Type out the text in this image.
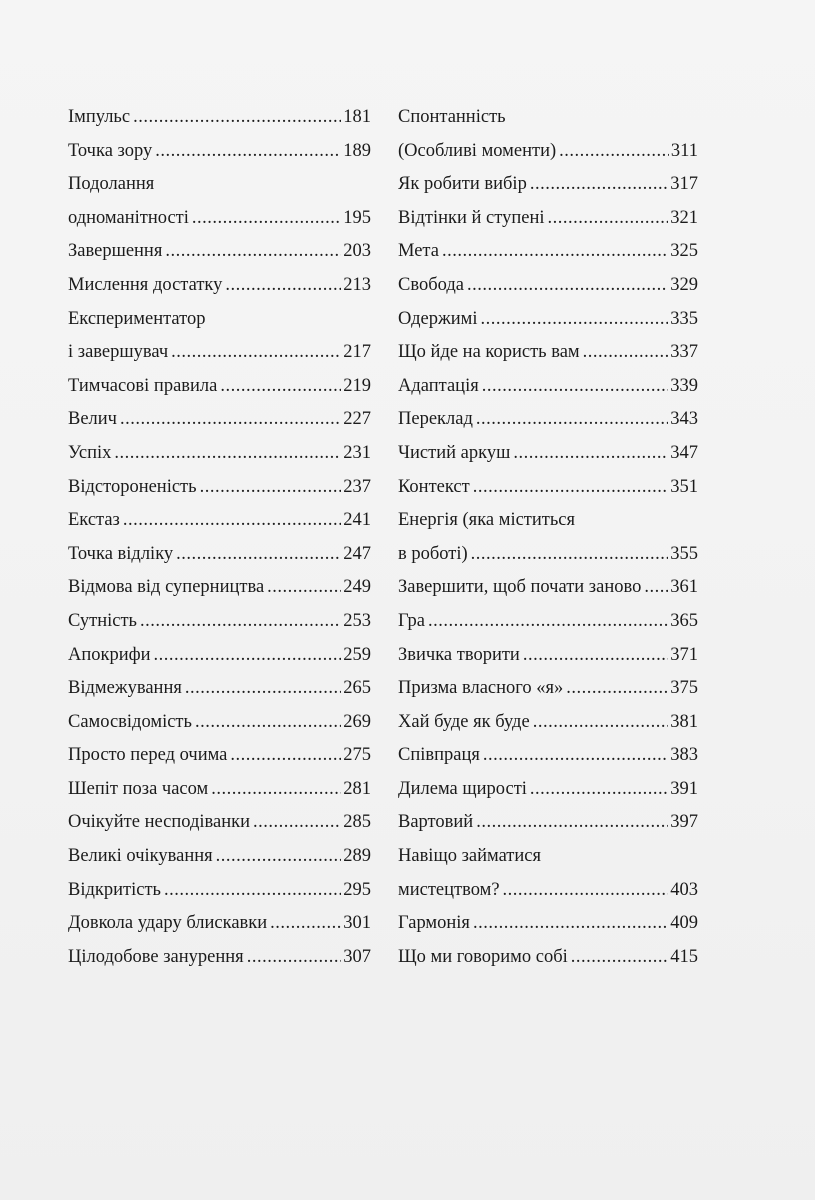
Імпульс .....	181
Точка зору .....	189
Подолання
одноманітності .....	195
Завершення .....	203
Мислення достатку .....	213
Експериментатор
і завершувач .....	217
Тимчасові правила .....	219
Велич .....	227
Успіх .....	231
Відстороненість .....	237
Екстаз .....	241
Точка відліку .....	247
Відмова від суперництва .....	249
Сутність .....	253
Апокрифи .....	259
Відмежування .....	265
Самосвідомість .....	269
Просто перед очима .....	275
Шепіт поза часом .....	281
Очікуйте несподіванки .....	285
Великі очікування .....	289
Відкритість .....	295
Довкола удару блискавки .....	301
Цілодобове занурення .....	307
Спонтанність
(Особливі моменти) .....	311
Як робити вибір .....	317
Відтінки й ступені .....	321
Мета .....	325
Свобода .....	329
Одержимі .....	335
Що йде на користь вам .....	337
Адаптація .....	339
Переклад .....	343
Чистий аркуш .....	347
Контекст .....	351
Енергія (яка міститься
в роботі) .....	355
Завершити, щоб почати заново ..... 361
Гра .....	365
Звичка творити .....	371
Призма власного «я» .....	375
Хай буде як буде .....	381
Співпраця .....	383
Дилема щирості .....	391
Вартовий .....	397
Навіщо займатися
мистецтвом? .....	403
Гармонія .....	409
Що ми говоримо собі .....	415
